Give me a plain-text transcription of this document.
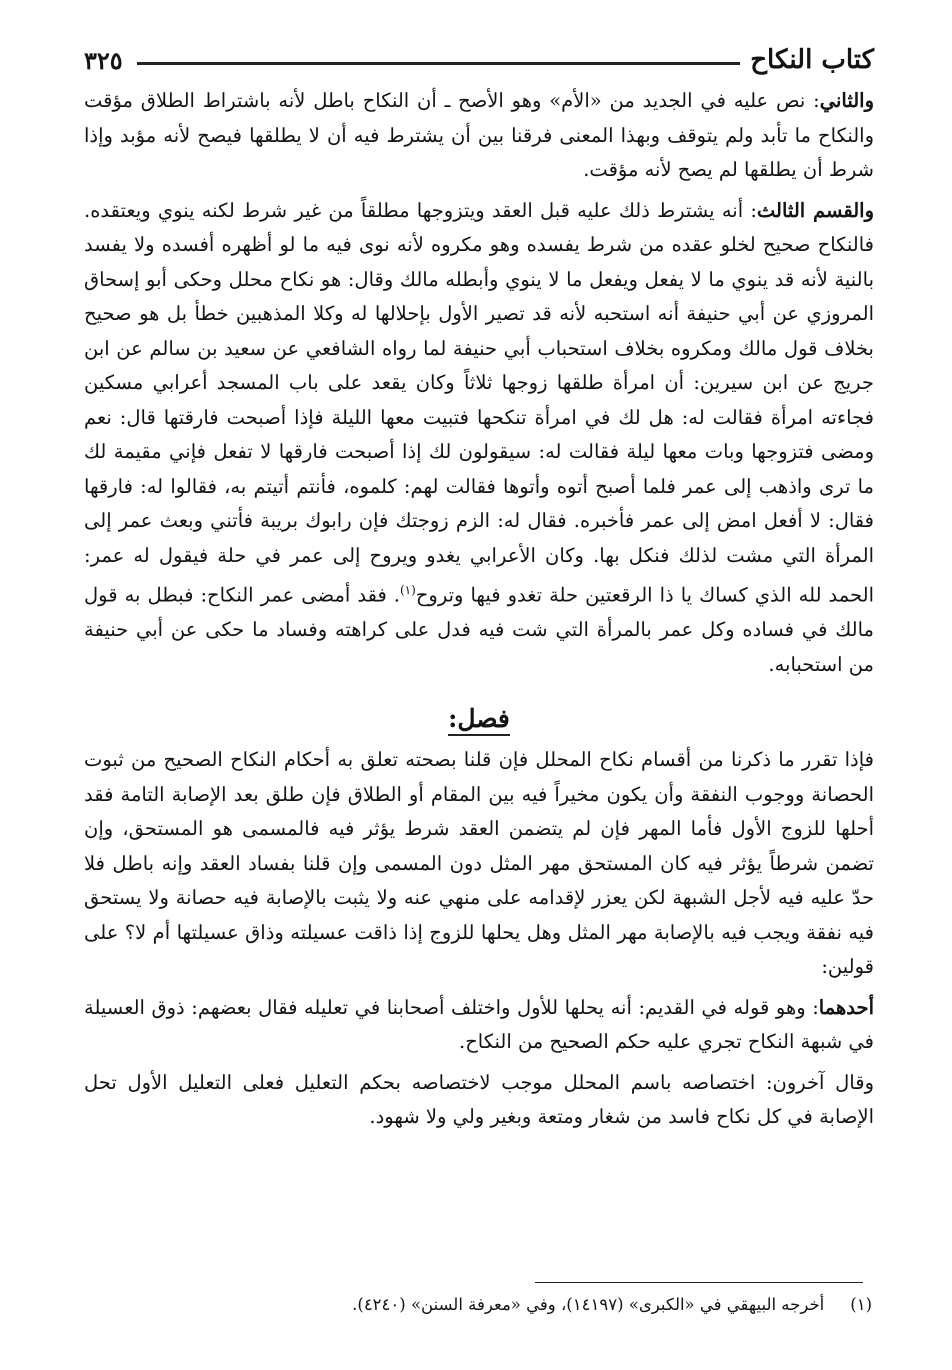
كتاب النكاح
٣٢٥

والثاني: نص عليه في الجديد من «الأم» وهو الأصح ـ أن النكاح باطل لأنه باشتراط الطلاق مؤقت والنكاح ما تأبد ولم يتوقف وبهذا المعنى فرقنا بين أن يشترط فيه أن لا يطلقها فيصح لأنه مؤبد وإذا شرط أن يطلقها لم يصح لأنه مؤقت.

والقسم الثالث: أنه يشترط ذلك عليه قبل العقد ويتزوجها مطلقاً من غير شرط لكنه ينوي ويعتقده. فالنكاح صحيح لخلو عقده من شرط يفسده وهو مكروه لأنه نوى فيه ما لو أظهره أفسده ولا يفسد بالنية لأنه قد ينوي ما لا يفعل ويفعل ما لا ينوي وأبطله مالك وقال: هو نكاح محلل وحكى أبو إسحاق المروزي عن أبي حنيفة أنه استحبه لأنه قد تصير الأول بإحلالها له وكلا المذهبين خطأ بل هو صحيح بخلاف قول مالك ومكروه بخلاف استحباب أبي حنيفة لما رواه الشافعي عن سعيد بن سالم عن ابن جريج عن ابن سيرين: أن امرأة طلقها زوجها ثلاثاً وكان يقعد على باب المسجد أعرابي مسكين فجاءته امرأة فقالت له: هل لك في امرأة تنكحها فتبيت معها الليلة فإذا أصبحت فارقتها قال: نعم ومضى فتزوجها وبات معها ليلة فقالت له: سيقولون لك إذا أصبحت فارقها لا تفعل فإني مقيمة لك ما ترى واذهب إلى عمر فلما أصبح أتوه وأتوها فقالت لهم: كلموه، فأنتم أتيتم به، فقالوا له: فارقها فقال: لا أفعل امض إلى عمر فأخبره. فقال له: الزم زوجتك فإن رابوك بريبة فأتني وبعث عمر إلى المرأة التي مشت لذلك فنكل بها. وكان الأعرابي يغدو ويروح إلى عمر في حلة فيقول له عمر: الحمد لله الذي كساك يا ذا الرقعتين حلة تغدو فيها وتروح$^{(١)}$. فقد أمضى عمر النكاح: فبطل به قول مالك في فساده وكل عمر بالمرأة التي شت فيه فدل على كراهته وفساد ما حكى عن أبي حنيفة من استحبابه.

فصل:

فإذا تقرر ما ذكرنا من أقسام نكاح المحلل فإن قلنا بصحته تعلق به أحكام النكاح الصحيح من ثبوت الحصانة ووجوب النفقة وأن يكون مخيراً فيه بين المقام أو الطلاق فإن طلق بعد الإصابة التامة فقد أحلها للزوج الأول فأما المهر فإن لم يتضمن العقد شرط يؤثر فيه فالمسمى هو المستحق، وإن تضمن شرطاً يؤثر فيه كان المستحق مهر المثل دون المسمى وإن قلنا بفساد العقد وإنه باطل فلا حدّ عليه فيه لأجل الشبهة لكن يعزر لإقدامه على منهي عنه ولا يثبت بالإصابة فيه حصانة ولا يستحق فيه نفقة ويجب فيه بالإصابة مهر المثل وهل يحلها للزوج إذا ذاقت عسيلته وذاق عسيلتها أم لا؟ على قولين:

أحدهما: وهو قوله في القديم: أنه يحلها للأول واختلف أصحابنا في تعليله فقال بعضهم: ذوق العسيلة في شبهة النكاح تجري عليه حكم الصحيح من النكاح.

وقال آخرون: اختصاصه باسم المحلل موجب لاختصاصه بحكم التعليل فعلى التعليل الأول تحل الإصابة في كل نكاح فاسد من شغار ومتعة وبغير ولي ولا شهود.

(١)أخرجه البيهقي في «الكبرى» (١٤١٩٧)، وفي «معرفة السنن» (٤٢٤٠).
